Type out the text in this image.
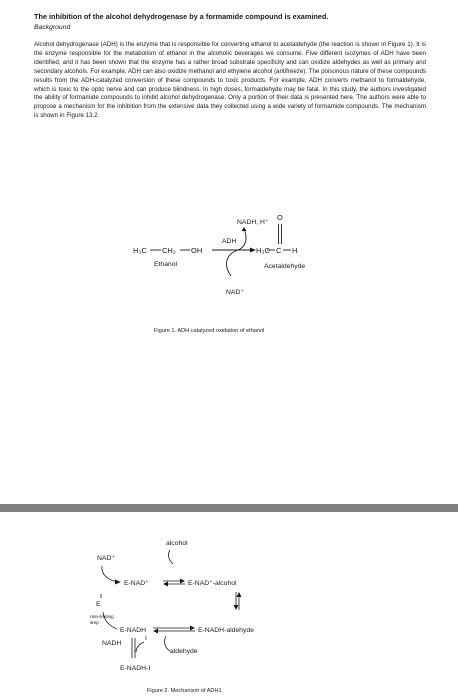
The inhibition of the alcohol dehydrogenase by a formamide compound is examined.

Background

Alcohol dehydrogenase (ADH) is the enzyme that is responsible for converting ethanol to acetaldehyde (the reaction is shown in Figure 1). It is the enzyme responsible for the metabolism of ethanol in the alcoholic beverages we consume. Five different isozymes of ADH have been identified, and it has been shown that the enzyme has a rather broad substrate specificity and can oxidize aldehydes as well as primary and secondary alcohols. For example, ADH can also oxidize methanol and ethylene alcohol (antifreeze). The poisonous nature of these compounds results from the ADH-catalyzed conversion of these compounds to toxic products. For example, ADH converts methanol to formaldehyde, which is toxic to the optic nerve and can produce blindness. In high doses, formaldehyde may be fatal. In this study, the authors investigated the ability of formamide compounds to inhibit alcohol dehydrogenase. Only a portion of their data is presented here. The authors were able to propose a mechanism for the inhibition from the extensive data they collected using a wide variety of formamide compounds. The mechanism is shown in Figure 13.2.

H₃C CH₂ OH
Ethanol
NADH, H⁺
ADH
NAD⁺
O
H₃C C H
Acetaldehyde

Figure 1. ADH catalyzed oxidation of ethanol

alcohol
NAD⁺
E-NAD⁺	E-NAD⁺-alcohol
E
rate-limiting
step
E-NADH	E-NADH-aldehyde
NADH
I
aldehyde
E-NADH-I

Figure 2. Mechanism of ADH1
